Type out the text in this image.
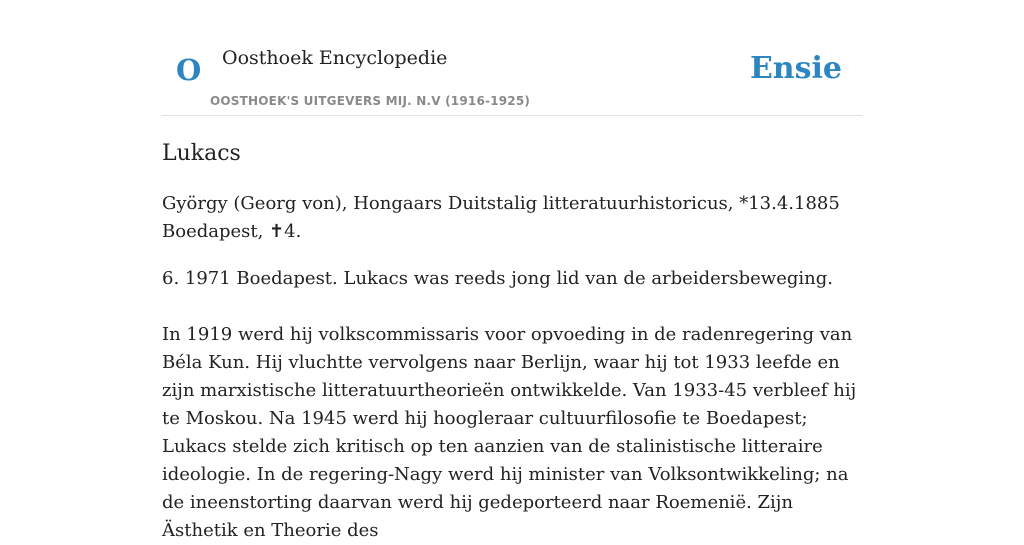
O Oosthoek Encyclopedie
OOSTHOEK'S UITGEVERS MIJ. N.V (1916-1925)
Ensie
Lukacs

György (Georg von), Hongaars Duitstalig litteratuurhistoricus, *13.4.1885 Boedapest, ✝4.

6. 1971 Boedapest. Lukacs was reeds jong lid van de arbeidersbeweging.

In 1919 werd hij volkscommissaris voor opvoeding in de radenregering van Béla Kun. Hij vluchtte vervolgens naar Berlijn, waar hij tot 1933 leefde en zijn marxistische litteratuurtheorieën ontwikkelde. Van 1933-45 verbleef hij te Moskou. Na 1945 werd hij hoogleraar cultuurfilosofie te Boedapest; Lukacs stelde zich kritisch op ten aanzien van de stalinistische litteraire ideologie. In de regering-Nagy werd hij minister van Volksontwikkeling; na de ineenstorting daarvan werd hij gedeporteerd naar Roemenië. Zijn Ästhetik en Theorie des
